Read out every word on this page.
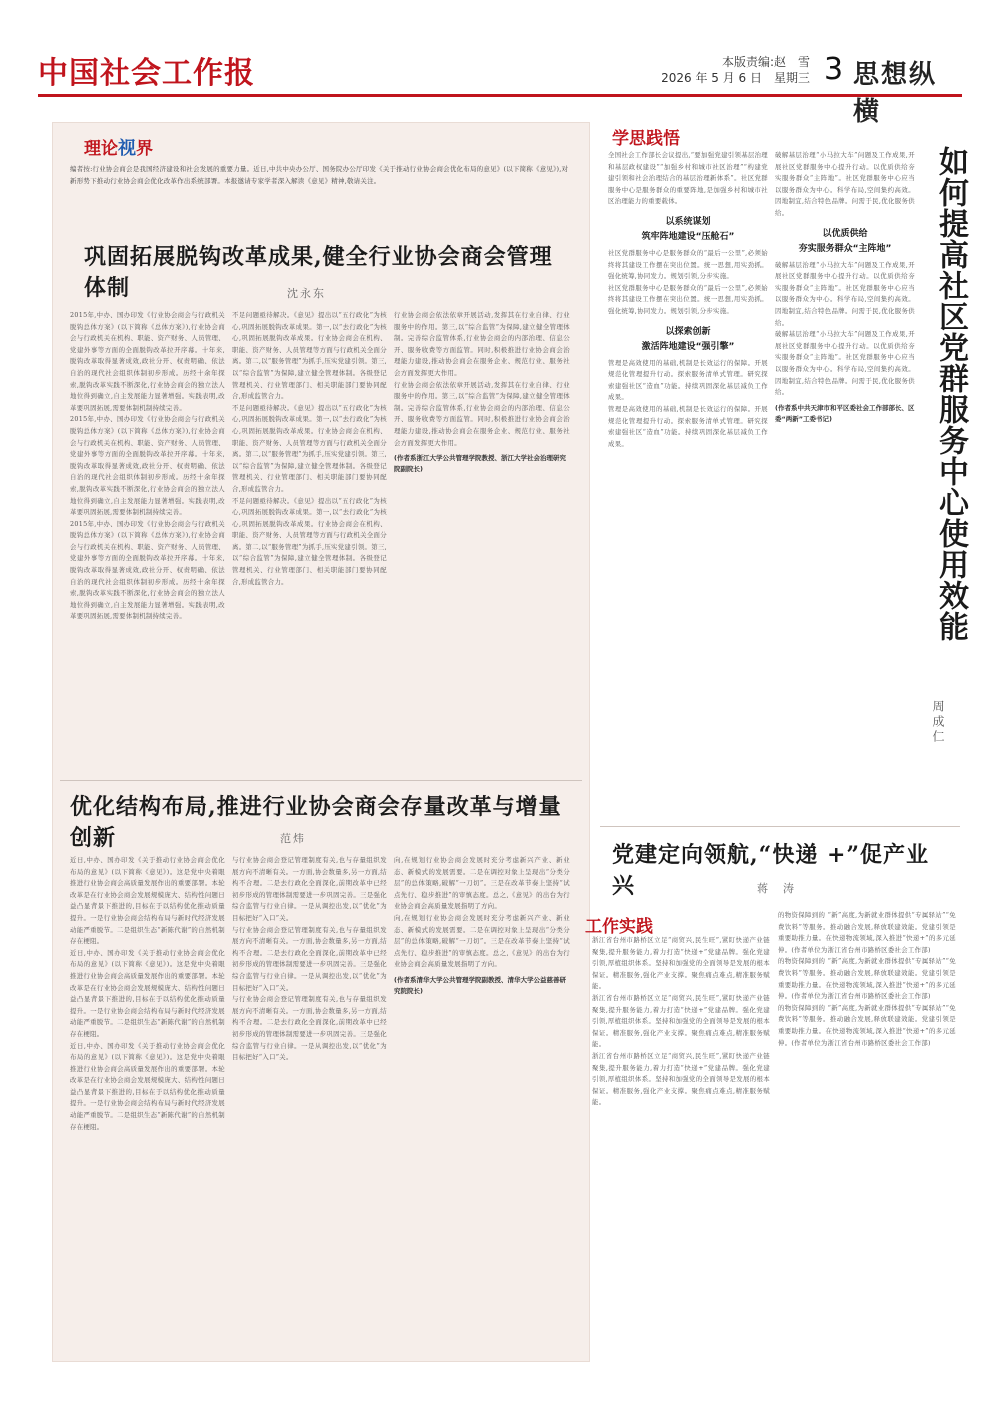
中国社会工作报	本版责编:赵　雪
2026 年 5 月 6 日　星期三 3 思想纵横
理论视界
编者按:行业协会商会是我国经济建设和社会发展的重要力量。近日,中共中央办公厅、国务院办公厅印发《关于推动行业协会商会优化布局的意见》(以下简称《意见》),对新形势下推动行业协会商会优化改革作出系统部署。本报邀请专家学者深入解读《意见》精神,敬请关注。
巩固拓展脱钩改革成果,健全行业协会商会管理体制	沈永东
2015年,中办、国办印发《行业协会商会与行政机关脱钩总体方案》(以下简称《总体方案》),行业协会商会与行政机关在机构、职能、资产财务、人员管理、党建外事等方面的全面脱钩改革拉开序幕。十年来,脱钩改革取得显著成效,政社分开、权责明确、依法自治的现代社会组织体制初步形成。历经十余年探索,脱钩改革实践不断深化,行业协会商会的独立法人地位得到确立,自主发展能力显著增强。实践表明,改革要巩固拓展,需要体制机制持续完善。
2015年,中办、国办印发《行业协会商会与行政机关脱钩总体方案》(以下简称《总体方案》),行业协会商会与行政机关在机构、职能、资产财务、人员管理、党建外事等方面的全面脱钩改革拉开序幕。十年来,脱钩改革取得显著成效,政社分开、权责明确、依法自治的现代社会组织体制初步形成。历经十余年探索,脱钩改革实践不断深化,行业协会商会的独立法人地位得到确立,自主发展能力显著增强。实践表明,改革要巩固拓展,需要体制机制持续完善。
2015年,中办、国办印发《行业协会商会与行政机关脱钩总体方案》(以下简称《总体方案》),行业协会商会与行政机关在机构、职能、资产财务、人员管理、党建外事等方面的全面脱钩改革拉开序幕。十年来,脱钩改革取得显著成效,政社分开、权责明确、依法自治的现代社会组织体制初步形成。历经十余年探索,脱钩改革实践不断深化,行业协会商会的独立法人地位得到确立,自主发展能力显著增强。实践表明,改革要巩固拓展,需要体制机制持续完善。
不足问题亟待解决。《意见》提出以“五行政化”为核心,巩固拓展脱钩改革成果。第一,以“去行政化”为核心,巩固拓展脱钩改革成果。行业协会商会在机构、职能、资产财务、人员管理等方面与行政机关全面分离。第二,以“服务管理”为抓手,压实党建引领。第三,以“综合监管”为保障,建立健全管理体制。各级登记管理机关、行业管理部门、相关职能部门要协同配合,形成监管合力。
不足问题亟待解决。《意见》提出以“五行政化”为核心,巩固拓展脱钩改革成果。第一,以“去行政化”为核心,巩固拓展脱钩改革成果。行业协会商会在机构、职能、资产财务、人员管理等方面与行政机关全面分离。第二,以“服务管理”为抓手,压实党建引领。第三,以“综合监管”为保障,建立健全管理体制。各级登记管理机关、行业管理部门、相关职能部门要协同配合,形成监管合力。
不足问题亟待解决。《意见》提出以“五行政化”为核心,巩固拓展脱钩改革成果。第一,以“去行政化”为核心,巩固拓展脱钩改革成果。行业协会商会在机构、职能、资产财务、人员管理等方面与行政机关全面分离。第二,以“服务管理”为抓手,压实党建引领。第三,以“综合监管”为保障,建立健全管理体制。各级登记管理机关、行业管理部门、相关职能部门要协同配合,形成监管合力。
行业协会商会依法依章开展活动,发挥其在行业自律、行业服务中的作用。第三,以“综合监管”为保障,建立健全管理体制。完善综合监管体系,行业协会商会的内部治理、信息公开、服务收费等方面监管。同时,积极推进行业协会商会治理能力建设,推动协会商会在服务企业、规范行业、服务社会方面发挥更大作用。
行业协会商会依法依章开展活动,发挥其在行业自律、行业服务中的作用。第三,以“综合监管”为保障,建立健全管理体制。完善综合监管体系,行业协会商会的内部治理、信息公开、服务收费等方面监管。同时,积极推进行业协会商会治理能力建设,推动协会商会在服务企业、规范行业、服务社会方面发挥更大作用。
(作者系浙江大学公共管理学院教授、浙江大学社会治理研究院副院长)
优化结构布局,推进行业协会商会存量改革与增量创新	范炜
近日,中办、国办印发《关于推动行业协会商会优化布局的意见》(以下简称《意见》)。这是党中央着眼推进行业协会商会高质量发展作出的重要部署。本轮改革是在行业协会商会发展规模庞大、结构性问题日益凸显背景下推进的,目标在于以结构优化推动质量提升。一是行业协会商会结构布局与新时代经济发展动能严重脱节。二是组织生态“新陈代谢”的自然机制存在梗阻。
近日,中办、国办印发《关于推动行业协会商会优化布局的意见》(以下简称《意见》)。这是党中央着眼推进行业协会商会高质量发展作出的重要部署。本轮改革是在行业协会商会发展规模庞大、结构性问题日益凸显背景下推进的,目标在于以结构优化推动质量提升。一是行业协会商会结构布局与新时代经济发展动能严重脱节。二是组织生态“新陈代谢”的自然机制存在梗阻。
近日,中办、国办印发《关于推动行业协会商会优化布局的意见》(以下简称《意见》)。这是党中央着眼推进行业协会商会高质量发展作出的重要部署。本轮改革是在行业协会商会发展规模庞大、结构性问题日益凸显背景下推进的,目标在于以结构优化推动质量提升。一是行业协会商会结构布局与新时代经济发展动能严重脱节。二是组织生态“新陈代谢”的自然机制存在梗阻。
与行业协会商会登记管理制度有关,也与存量组织发展方向不清晰有关。一方面,协会数量多,另一方面,结构不合理。二是去行政化全面深化,前期改革中已经初步形成的管理体制需要进一步巩固完善。三是强化综合监管与行业自律。一是从调控出发,以“优化”为目标把好“入口”关。
与行业协会商会登记管理制度有关,也与存量组织发展方向不清晰有关。一方面,协会数量多,另一方面,结构不合理。二是去行政化全面深化,前期改革中已经初步形成的管理体制需要进一步巩固完善。三是强化综合监管与行业自律。一是从调控出发,以“优化”为目标把好“入口”关。
与行业协会商会登记管理制度有关,也与存量组织发展方向不清晰有关。一方面,协会数量多,另一方面,结构不合理。二是去行政化全面深化,前期改革中已经初步形成的管理体制需要进一步巩固完善。三是强化综合监管与行业自律。一是从调控出发,以“优化”为目标把好“入口”关。
向,在规划行业协会商会发展时充分考虑新兴产业、新业态、新模式的发展需要。二是在调控对象上呈现出“分类分层”的总体策略,破解“一刀切”。三是在改革节奏上坚持“试点先行、稳步推进”的审慎态度。总之,《意见》的出台为行业协会商会高质量发展指明了方向。
向,在规划行业协会商会发展时充分考虑新兴产业、新业态、新模式的发展需要。二是在调控对象上呈现出“分类分层”的总体策略,破解“一刀切”。三是在改革节奏上坚持“试点先行、稳步推进”的审慎态度。总之,《意见》的出台为行业协会商会高质量发展指明了方向。
(作者系清华大学公共管理学院副教授、清华大学公益慈善研究院院长)
学思践悟
全国社会工作部长会议提出,“要加强党建引领基层治理和基层政权建设”“加强乡村和城市社区治理”“构建党建引领和社会治理结合的基层治理新体系”。社区党群服务中心是服务群众的重要阵地,是加强乡村和城市社区治理能力的重要载体。
以系统谋划
筑牢阵地建设“压舱石”
社区党群服务中心是服务群众的“最后一公里”,必须始终将其建设工作摆在突出位置。统一思想,用实劲抓。强化统筹,协同发力。规划引领,分步实施。
社区党群服务中心是服务群众的“最后一公里”,必须始终将其建设工作摆在突出位置。统一思想,用实劲抓。强化统筹,协同发力。规划引领,分步实施。
以探索创新
激活阵地建设“强引擎”
管理是高效使用的基础,机制是长效运行的保障。开展规范化管理提升行动。探索服务清单式管理。研究探索建强社区“造血”功能。持续巩固深化基层减负工作成果。
管理是高效使用的基础,机制是长效运行的保障。开展规范化管理提升行动。探索服务清单式管理。研究探索建强社区“造血”功能。持续巩固深化基层减负工作成果。
破解基层治理“小马拉大车”问题及工作成果,开展社区党群服务中心提升行动。以优质供给夯实服务群众“主阵地”。社区党群服务中心应当以服务群众为中心。科学布局,空间集约高效。因地制宜,结合特色品牌。问需于民,优化服务供给。
以优质供给
夯实服务群众“主阵地”
破解基层治理“小马拉大车”问题及工作成果,开展社区党群服务中心提升行动。以优质供给夯实服务群众“主阵地”。社区党群服务中心应当以服务群众为中心。科学布局,空间集约高效。因地制宜,结合特色品牌。问需于民,优化服务供给。
破解基层治理“小马拉大车”问题及工作成果,开展社区党群服务中心提升行动。以优质供给夯实服务群众“主阵地”。社区党群服务中心应当以服务群众为中心。科学布局,空间集约高效。因地制宜,结合特色品牌。问需于民,优化服务供给。
(作者系中共天津市和平区委社会工作部部长、区委“两新”工委书记)	如何提高社区党群服务中心使用效能
周成仁
党建定向领航,“快递 +”促产业兴	蒋　涛
工作实践
浙江省台州市路桥区立足“商贸兴,民生旺”,紧盯快递产业链聚集,提升服务能力,着力打造“快递+”党建品牌。强化党建引领,厚植组织体系。坚持和加强党的全面领导是发展的根本保证。精准服务,强化产业支撑。聚焦痛点难点,精准服务赋能。
浙江省台州市路桥区立足“商贸兴,民生旺”,紧盯快递产业链聚集,提升服务能力,着力打造“快递+”党建品牌。强化党建引领,厚植组织体系。坚持和加强党的全面领导是发展的根本保证。精准服务,强化产业支撑。聚焦痛点难点,精准服务赋能。
浙江省台州市路桥区立足“商贸兴,民生旺”,紧盯快递产业链聚集,提升服务能力,着力打造“快递+”党建品牌。强化党建引领,厚植组织体系。坚持和加强党的全面领导是发展的根本保证。精准服务,强化产业支撑。聚焦痛点难点,精准服务赋能。
的物资保障到的 “新”高度,为新就业群体提供“专属驿站”“免费饮料”等服务。推动融合发展,释放联建效能。党建引领是重要助推力量。在快递物流领域,深入推进“快递+”的多元延伸。(作者单位为浙江省台州市路桥区委社会工作部)
的物资保障到的 “新”高度,为新就业群体提供“专属驿站”“免费饮料”等服务。推动融合发展,释放联建效能。党建引领是重要助推力量。在快递物流领域,深入推进“快递+”的多元延伸。(作者单位为浙江省台州市路桥区委社会工作部)
的物资保障到的 “新”高度,为新就业群体提供“专属驿站”“免费饮料”等服务。推动融合发展,释放联建效能。党建引领是重要助推力量。在快递物流领域,深入推进“快递+”的多元延伸。(作者单位为浙江省台州市路桥区委社会工作部)
